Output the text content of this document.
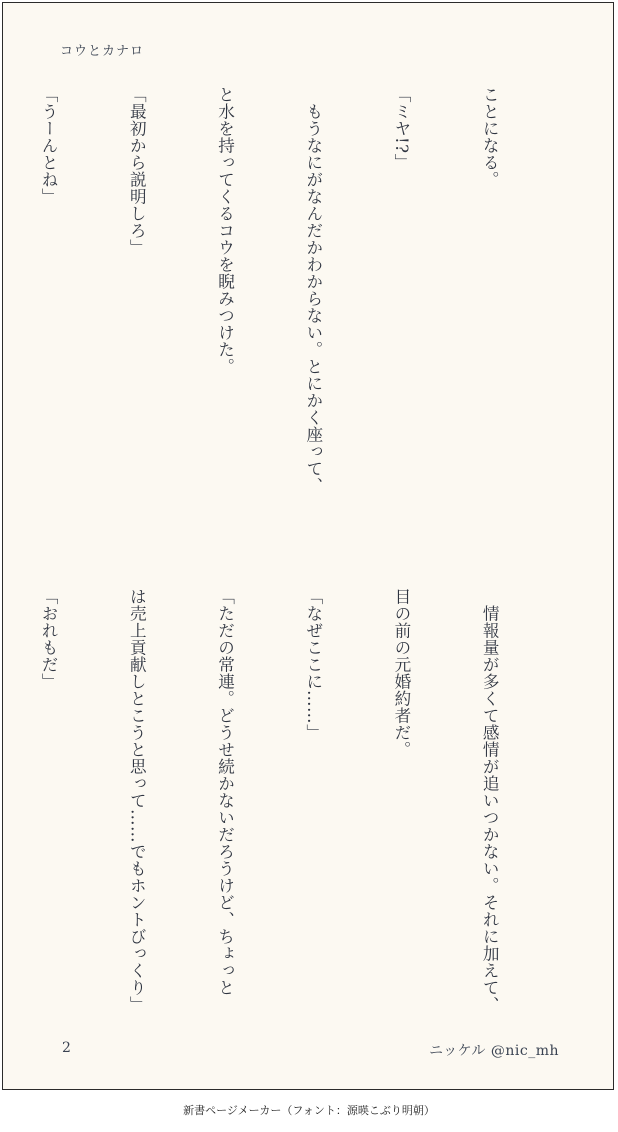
コウとカナロ

ことになる。

「ミヤ!?」

　もうなにがなんだかわからない。とにかく座って、

と水を持ってくるコウを睨みつけた。

「最初から説明しろ」

「うーんとね」

　情報量が多くて感情が追いつかない。それに加えて、

目の前の元婚約者だ。

「なぜここに……」

「ただの常連。どうせ続かないだろうけど、ちょっと

は売上貢献しとこうと思って……でもホントびっくり」

「おれもだ」

2	ニッケル @nic_mh
新書ページメーカー（フォント：源暎こぶり明朝）
